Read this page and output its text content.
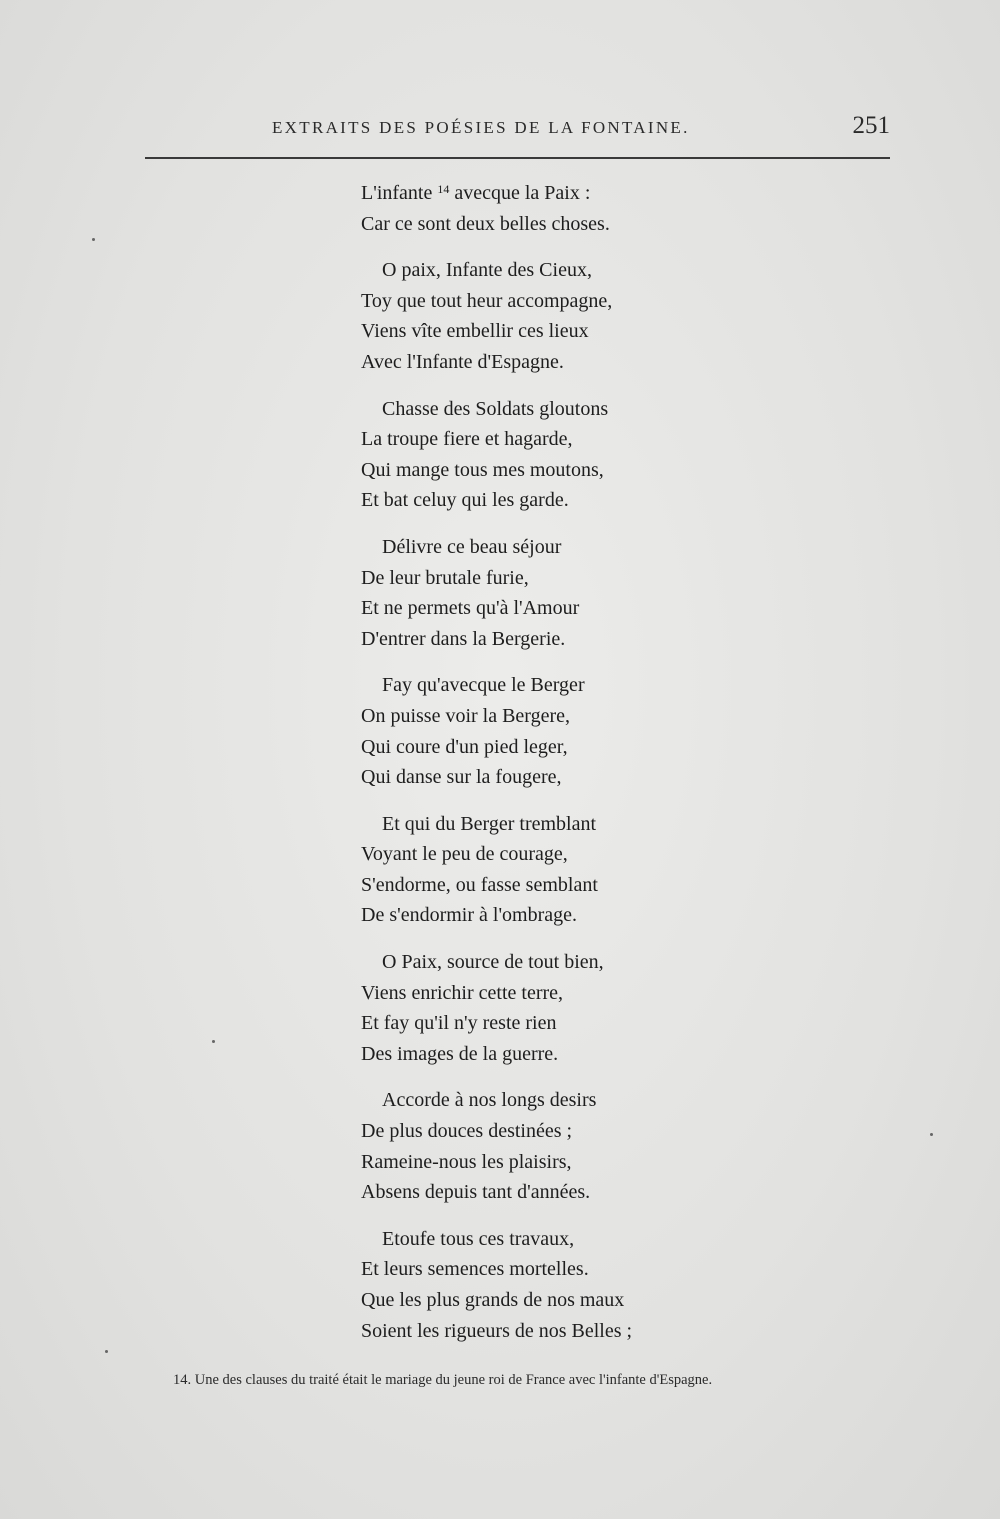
EXTRAITS DES POÉSIES DE LA FONTAINE.	251
L'infante $^{14}$ avecque la Paix :
Car ce sont deux belles choses.
O paix, Infante des Cieux,
Toy que tout heur accompagne,
Viens vîte embellir ces lieux
Avec l'Infante d'Espagne.
Chasse des Soldats gloutons
La troupe fiere et hagarde,
Qui mange tous mes moutons,
Et bat celuy qui les garde.
Délivre ce beau séjour
De leur brutale furie,
Et ne permets qu'à l'Amour
D'entrer dans la Bergerie.
Fay qu'avecque le Berger
On puisse voir la Bergere,
Qui coure d'un pied leger,
Qui danse sur la fougere,
Et qui du Berger tremblant
Voyant le peu de courage,
S'endorme, ou fasse semblant
De s'endormir à l'ombrage.
O Paix, source de tout bien,
Viens enrichir cette terre,
Et fay qu'il n'y reste rien
Des images de la guerre.
Accorde à nos longs desirs
De plus douces destinées ;
Rameine-nous les plaisirs,
Absens depuis tant d'années.
Etoufe tous ces travaux,
Et leurs semences mortelles.
Que les plus grands de nos maux
Soient les rigueurs de nos Belles ;
14. Une des clauses du traité était le mariage du jeune roi de France avec l'infante d'Espagne.
